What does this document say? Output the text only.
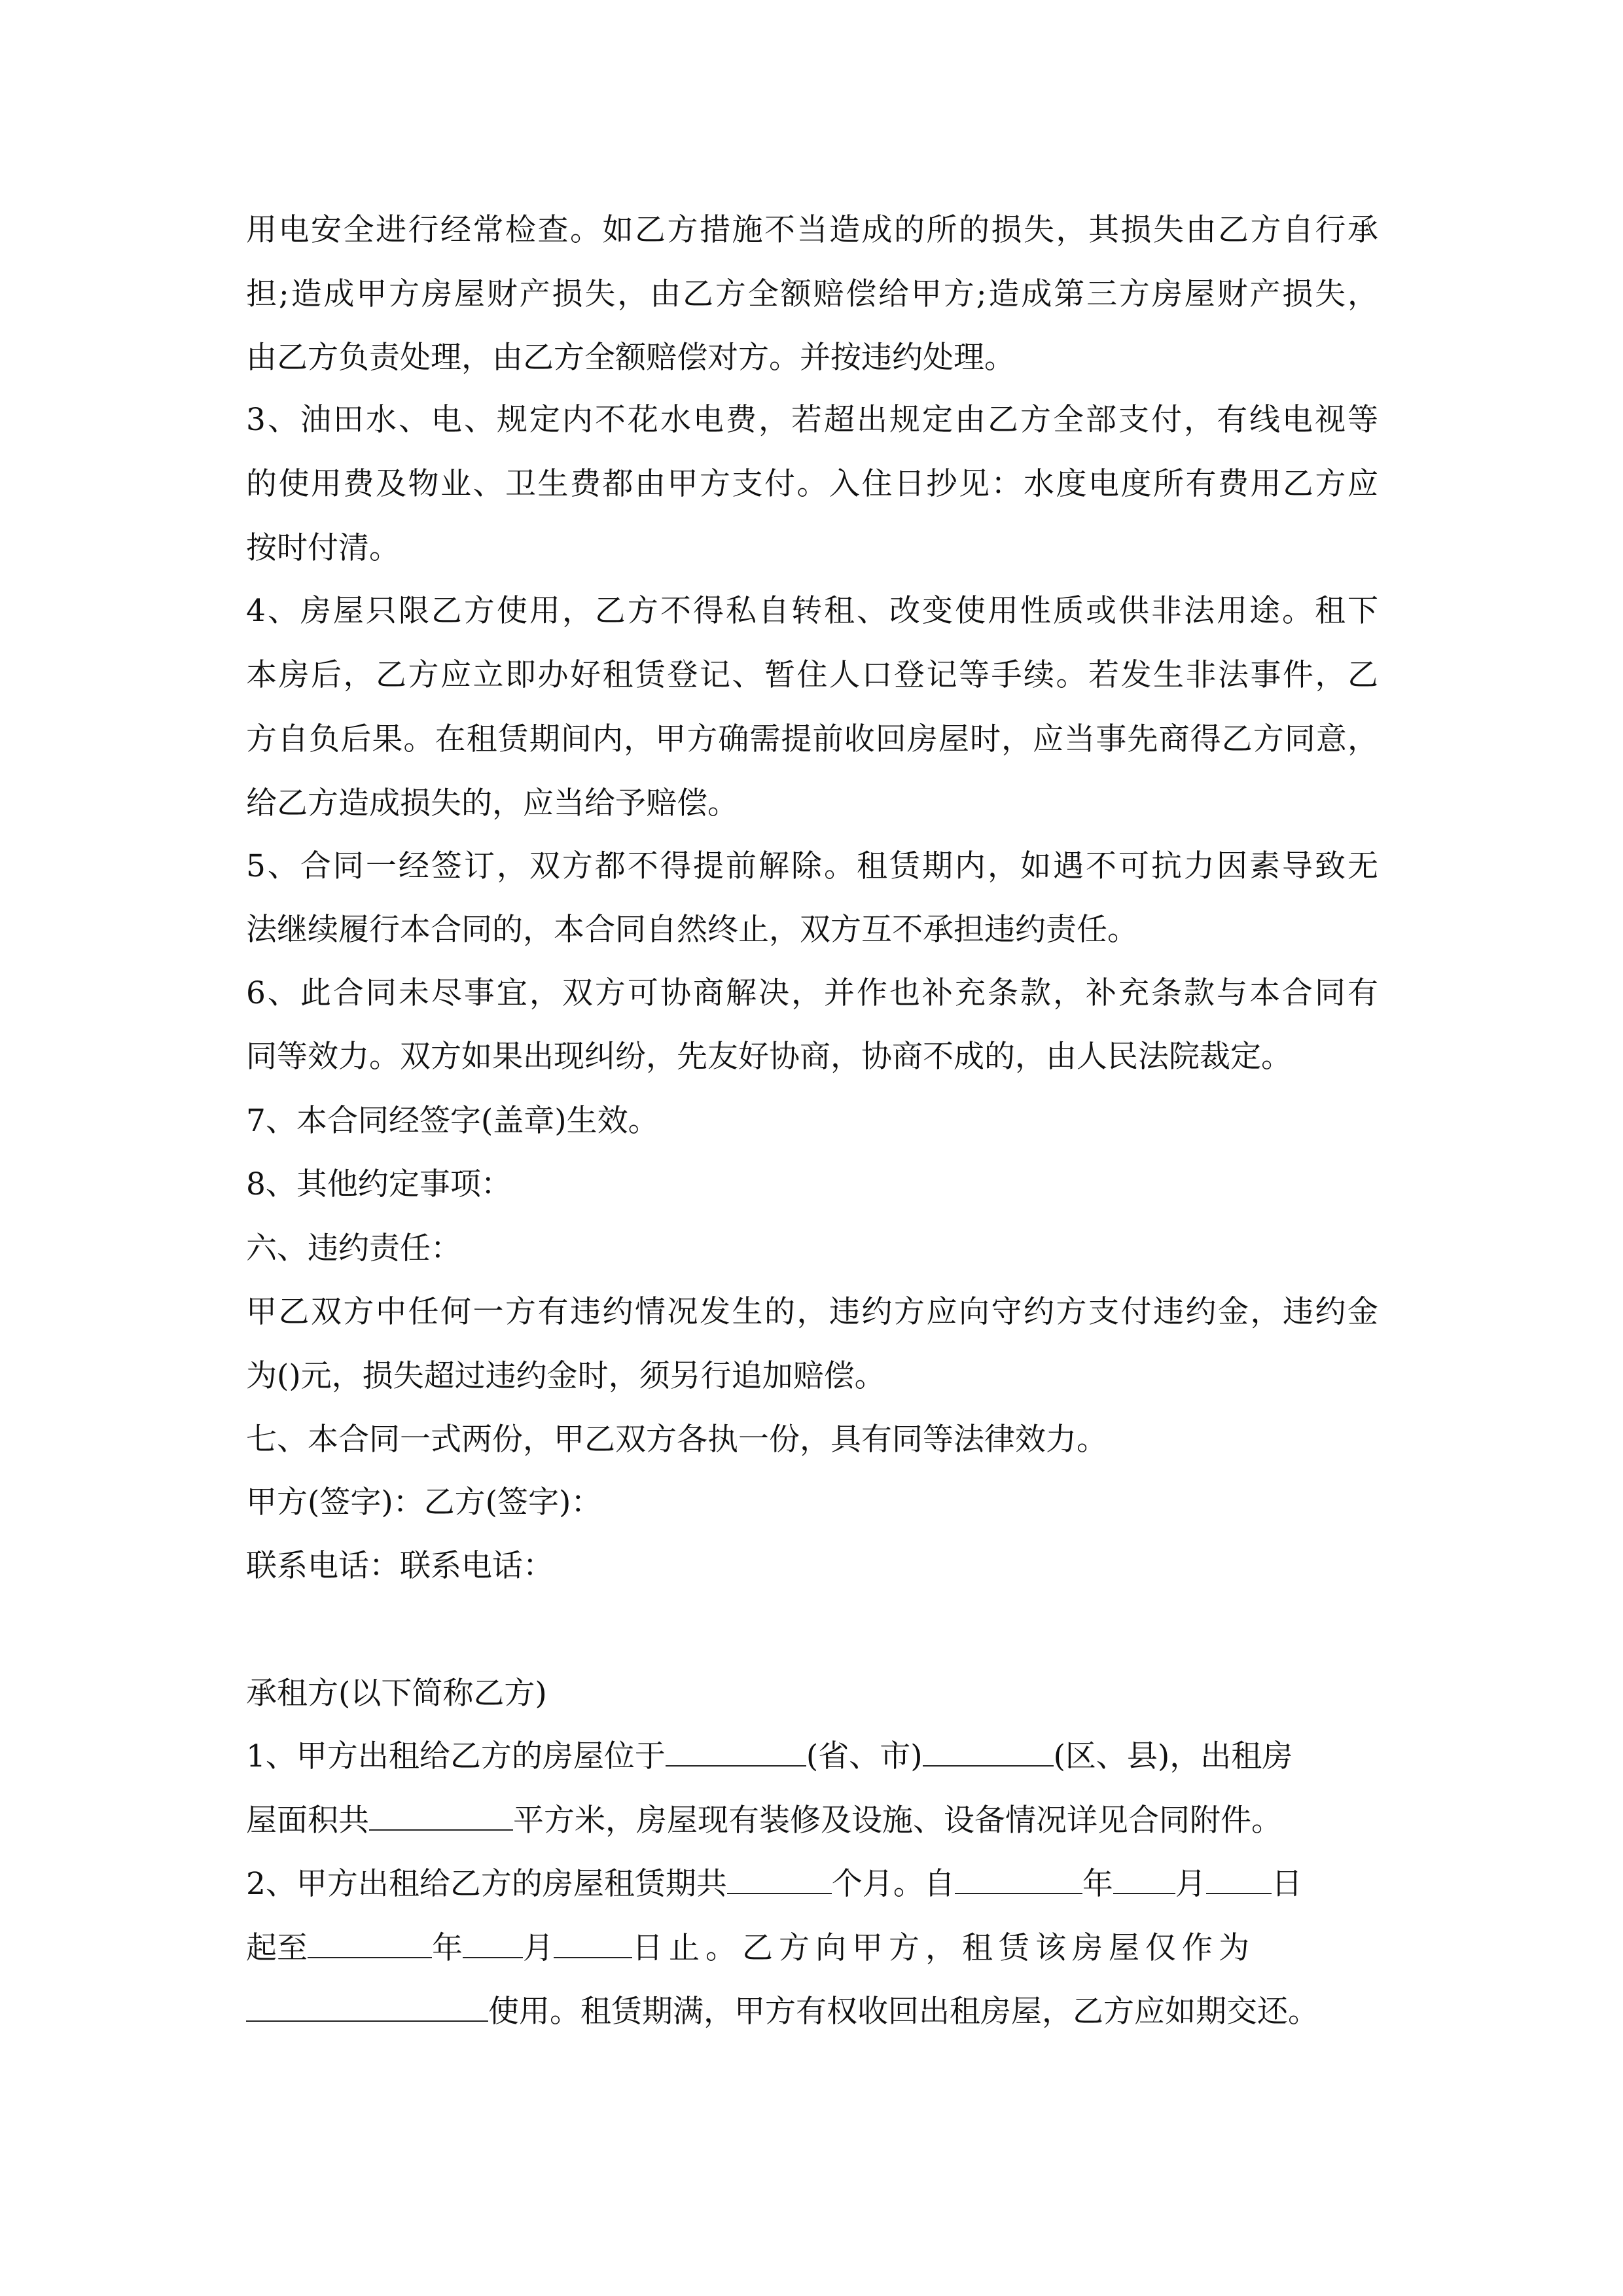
用电安全进行经常检查。如乙方措施不当造成的所的损失，其损失由乙方自行承
担;造成甲方房屋财产损失，由乙方全额赔偿给甲方;造成第三方房屋财产损失，
由乙方负责处理，由乙方全额赔偿对方。并按违约处理。
3、油田水、电、规定内不花水电费，若超出规定由乙方全部支付，有线电视等
的使用费及物业、卫生费都由甲方支付。入住日抄见：水度电度所有费用乙方应
按时付清。
4、房屋只限乙方使用，乙方不得私自转租、改变使用性质或供非法用途。租下
本房后，乙方应立即办好租赁登记、暂住人口登记等手续。若发生非法事件，乙
方自负后果。在租赁期间内，甲方确需提前收回房屋时，应当事先商得乙方同意，
给乙方造成损失的，应当给予赔偿。
5、合同一经签订，双方都不得提前解除。租赁期内，如遇不可抗力因素导致无
法继续履行本合同的，本合同自然终止，双方互不承担违约责任。
6、此合同未尽事宜，双方可协商解决，并作也补充条款，补充条款与本合同有
同等效力。双方如果出现纠纷，先友好协商，协商不成的，由人民法院裁定。
7、本合同经签字(盖章)生效。
8、其他约定事项：
六、违约责任：
甲乙双方中任何一方有违约情况发生的，违约方应向守约方支付违约金，违约金
为()元，损失超过违约金时，须另行追加赔偿。
七、本合同一式两份，甲乙双方各执一份，具有同等法律效力。
甲方(签字)：乙方(签字)：
联系电话：联系电话：
承租方(以下简称乙方)
1、甲方出租给乙方的房屋位于	(省、市)	(区、县)，出租房
屋面积共	平方米，房屋现有装修及设施、设备情况详见合同附件。
2、甲方出租给乙方的房屋租赁期共	个月。自	年 月 日
起至	年 月	日止。乙方向甲方，租赁该房屋仅作为
使用。租赁期满，甲方有权收回出租房屋，乙方应如期交还。
